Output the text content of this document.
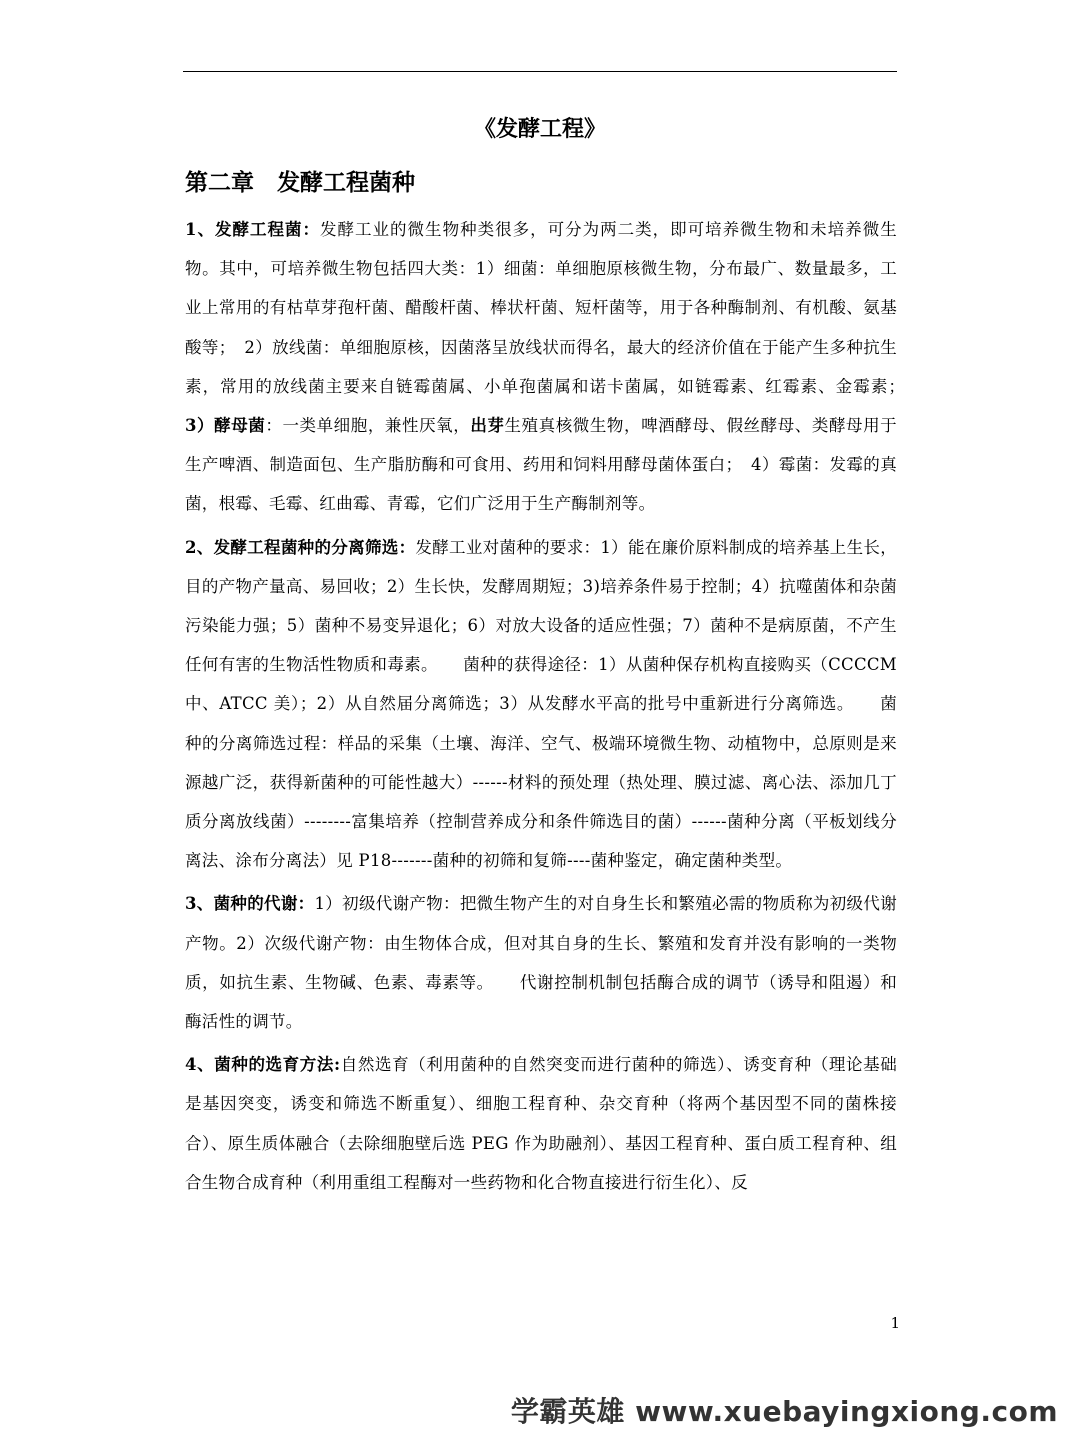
《发酵工程》
第二章　发酵工程菌种

1、发酵工程菌：发酵工业的微生物种类很多，可分为两二类，即可培养微生物和未培养微生物。其中，可培养微生物包括四大类：1）细菌：单细胞原核微生物，分布最广、数量最多，工业上常用的有枯草芽孢杆菌、醋酸杆菌、棒状杆菌、短杆菌等，用于各种酶制剂、有机酸、氨基酸等；　2）放线菌：单细胞原核，因菌落呈放线状而得名，最大的经济价值在于能产生多种抗生素，常用的放线菌主要来自链霉菌属、小单孢菌属和诺卡菌属，如链霉素、红霉素、金霉素；　3）酵母菌：一类单细胞，兼性厌氧，出芽生殖真核微生物，啤酒酵母、假丝酵母、类酵母用于生产啤酒、制造面包、生产脂肪酶和可食用、药用和饲料用酵母菌体蛋白；　4）霉菌：发霉的真菌，根霉、毛霉、红曲霉、青霉，它们广泛用于生产酶制剂等。

2、发酵工程菌种的分离筛选：发酵工业对菌种的要求：1）能在廉价原料制成的培养基上生长，目的产物产量高、易回收；2）生长快，发酵周期短；3)培养条件易于控制；4）抗噬菌体和杂菌污染能力强；5）菌种不易变异退化；6）对放大设备的适应性强；7）菌种不是病原菌，不产生任何有害的生物活性物质和毒素。　　菌种的获得途径：1）从菌种保存机构直接购买（CCCCM 中、ATCC 美）；2）从自然届分离筛选；3）从发酵水平高的批号中重新进行分离筛选。　　菌种的分离筛选过程：样品的采集（土壤、海洋、空气、极端环境微生物、动植物中，总原则是来源越广泛，获得新菌种的可能性越大）------材料的预处理（热处理、膜过滤、离心法、添加几丁质分离放线菌）--------富集培养（控制营养成分和条件筛选目的菌）------菌种分离（平板划线分离法、涂布分离法）见 P18-------菌种的初筛和复筛----菌种鉴定，确定菌种类型。

3、菌种的代谢：1）初级代谢产物：把微生物产生的对自身生长和繁殖必需的物质称为初级代谢产物。2）次级代谢产物：由生物体合成，但对其自身的生长、繁殖和发育并没有影响的一类物质，如抗生素、生物碱、色素、毒素等。　　代谢控制机制包括酶合成的调节（诱导和阻遏）和酶活性的调节。

4、菌种的选育方法:自然选育（利用菌种的自然突变而进行菌种的筛选）、诱变育种（理论基础是基因突变，诱变和筛选不断重复）、细胞工程育种、杂交育种（将两个基因型不同的菌株接合）、原生质体融合（去除细胞壁后选 PEG 作为助融剂）、基因工程育种、蛋白质工程育种、组合生物合成育种（利用重组工程酶对一些药物和化合物直接进行衍生化）、反

1
学霸英雄 www.xuebayingxiong.com
